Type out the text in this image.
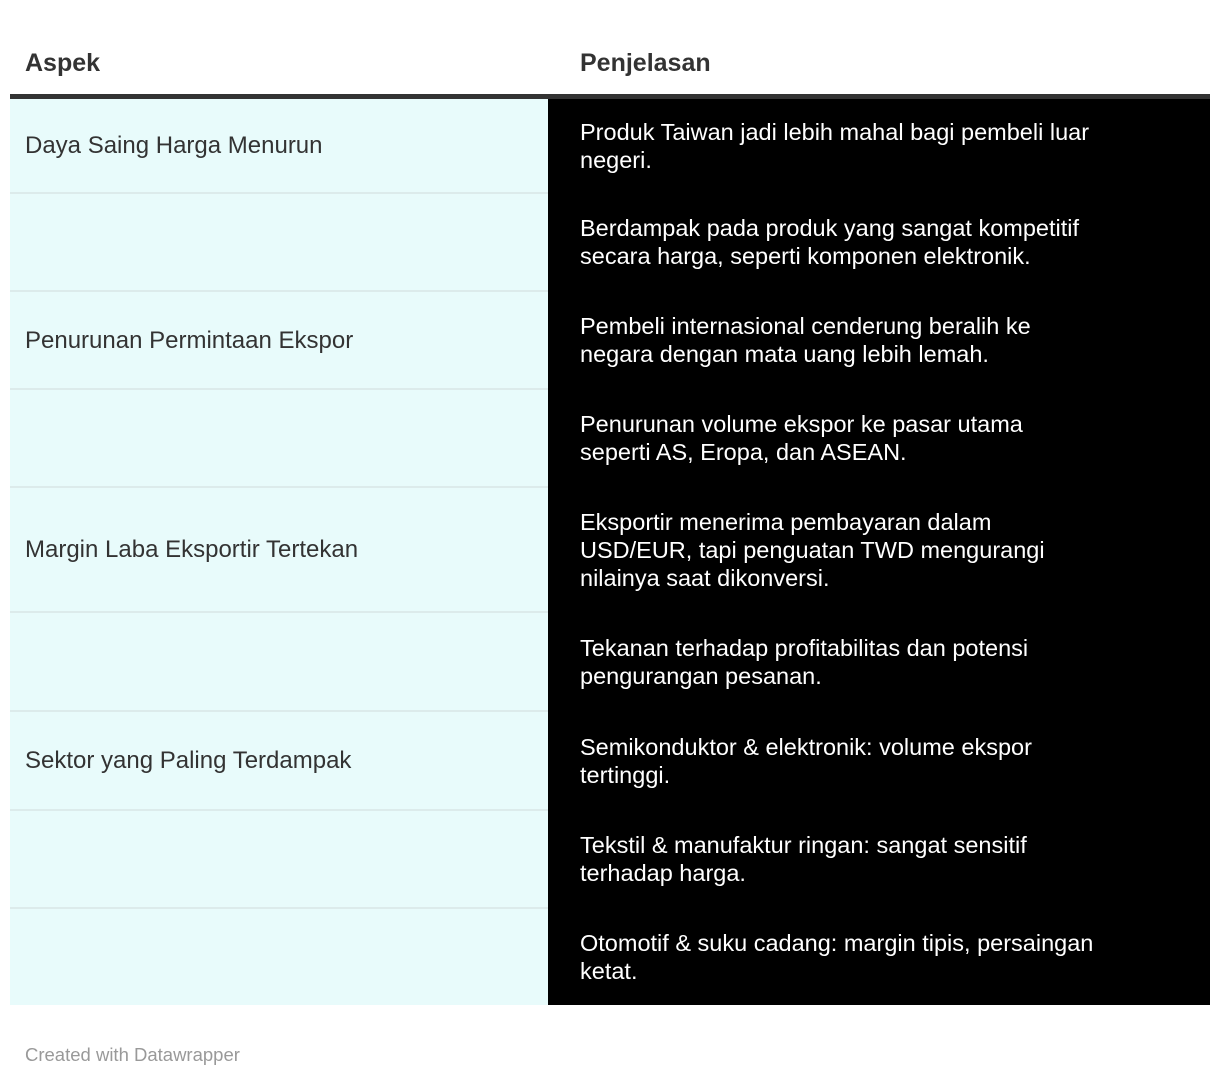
Aspek	Penjelasan
Daya Saing Harga Menurun	Produk Taiwan jadi lebih mahal bagi pembeli luar
negeri.
	Berdampak pada produk yang sangat kompetitif
secara harga, seperti komponen elektronik.
Penurunan Permintaan Ekspor	Pembeli internasional cenderung beralih ke
negara dengan mata uang lebih lemah.
	Penurunan volume ekspor ke pasar utama
seperti AS, Eropa, dan ASEAN.
Margin Laba Eksportir Tertekan	Eksportir menerima pembayaran dalam
USD/EUR, tapi penguatan TWD mengurangi
nilainya saat dikonversi.
	Tekanan terhadap profitabilitas dan potensi
pengurangan pesanan.
Sektor yang Paling Terdampak	Semikonduktor & elektronik: volume ekspor
tertinggi.
	Tekstil & manufaktur ringan: sangat sensitif
terhadap harga.
	Otomotif & suku cadang: margin tipis, persaingan
ketat.
Created with Datawrapper
